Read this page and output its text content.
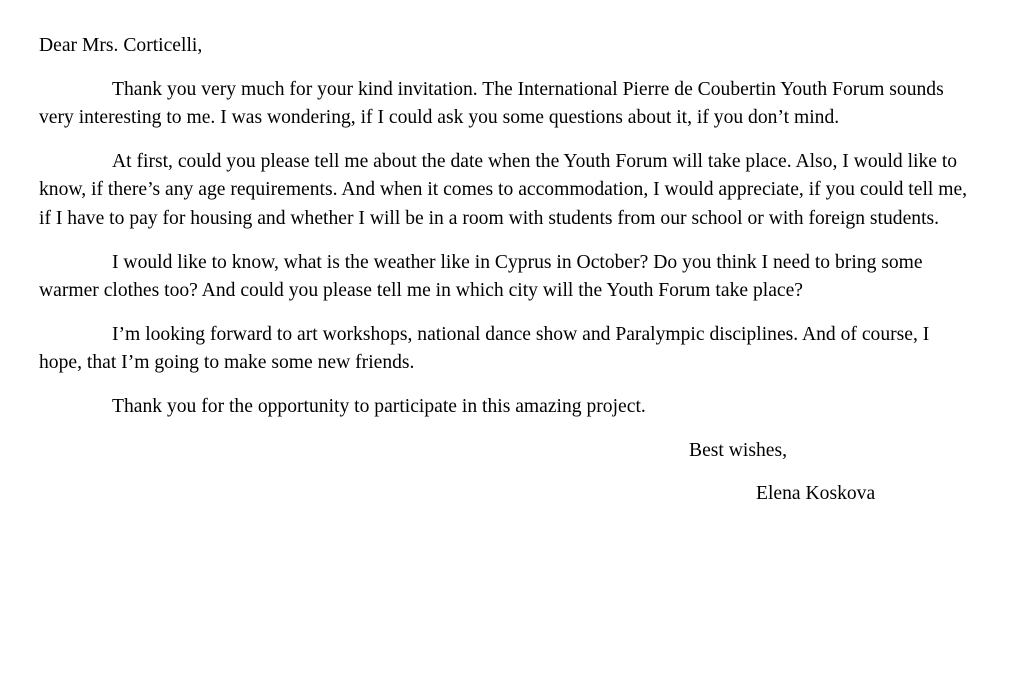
Dear Mrs. Corticelli,

Thank you very much for your kind invitation. The International Pierre de Coubertin Youth Forum sounds very interesting to me. I was wondering, if I could ask you some questions about it, if you don’t mind.

At first, could you please tell me about the date when the Youth Forum will take place. Also, I would like to know, if there’s any age requirements. And when it comes to accommodation, I would appreciate, if you could tell me, if I have to pay for housing and whether I will be in a room with students from our school or with foreign students.

I would like to know, what is the weather like in Cyprus in October? Do you think I need to bring some warmer clothes too? And could you please tell me in which city will the Youth Forum take place?

I’m looking forward to art workshops, national dance show and Paralympic disciplines. And of course, I hope, that I’m going to make some new friends.

Thank you for the opportunity to participate in this amazing project.

Best wishes,

Elena Koskova
